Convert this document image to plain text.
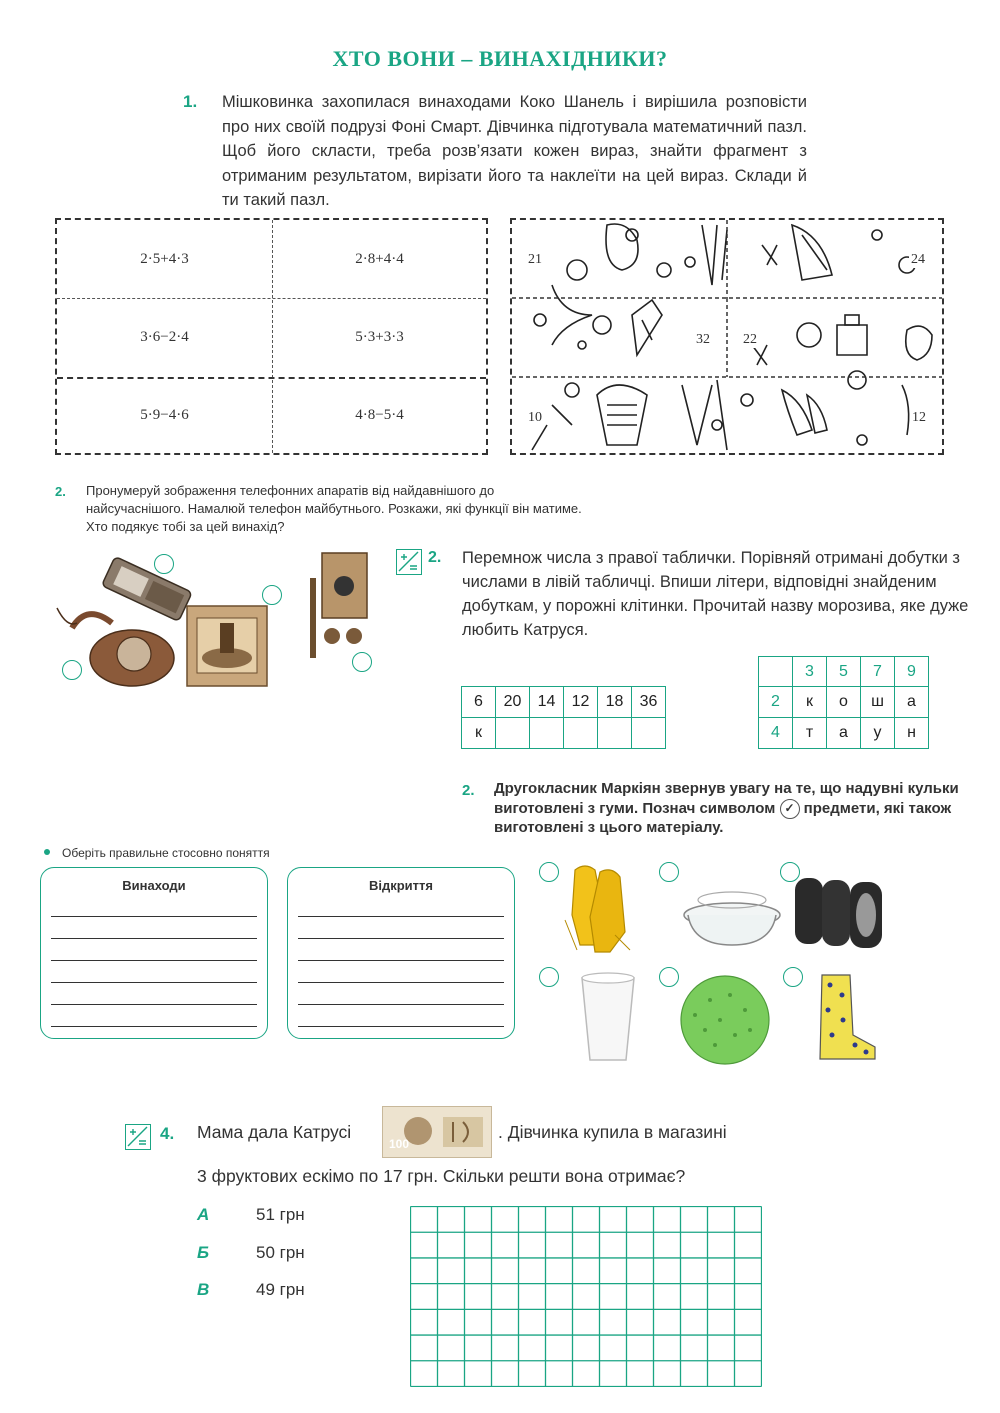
ХТО ВОНИ – ВИНАХІДНИКИ?
1. Мішковинка захопилася винаходами Коко Шанель і вирішила розповісти про них своїй подрузі Фоні Смарт. Дівчинка підготувала математичний пазл. Щоб його скласти, треба розв’язати кожен вираз, знайти фрагмент з отриманим результатом, вирізати його та наклеїти на цей вираз. Склади й ти такий пазл.
2·5+4·3	2·8+4·4
3·6−2·4	5·3+3·3
5·9−4·6	4·8−5·4
21	24
32 22
10	12
2. Пронумеруй зображення телефонних апаратів від найдавнішого до найсучаснішого. Намалюй телефон майбутнього. Розкажи, які функції він матиме. Хто подякує тобі за цей винахід?
2. Перемнож числа з правої таблички. Порівняй отримані добутки з числами в лівій табличці. Впиши літери, відповідні знайденим добуткам, у порожні клітинки. Прочитай назву морозива, яке дуже любить Катруся.
6	20	14	12	18	36
к					
	3	5	7	9
2	к	о	ш	а
4	т	а	у	н
2. Другокласник Маркіян звернув увагу на те, що надувні кульки виготовлені з гуми. Познач символом ✓ предмети, які також виготовлені з цього матеріалу.
Оберіть правильне стосовно поняття
Винаходи	Відкриття
4. Мама дала Катрусі
100
. Дівчинка купила в магазині
3 фруктових ескімо по 17 грн. Скільки решти вона отримає?
А	51 грн
Б	50 грн
В	49 грн
